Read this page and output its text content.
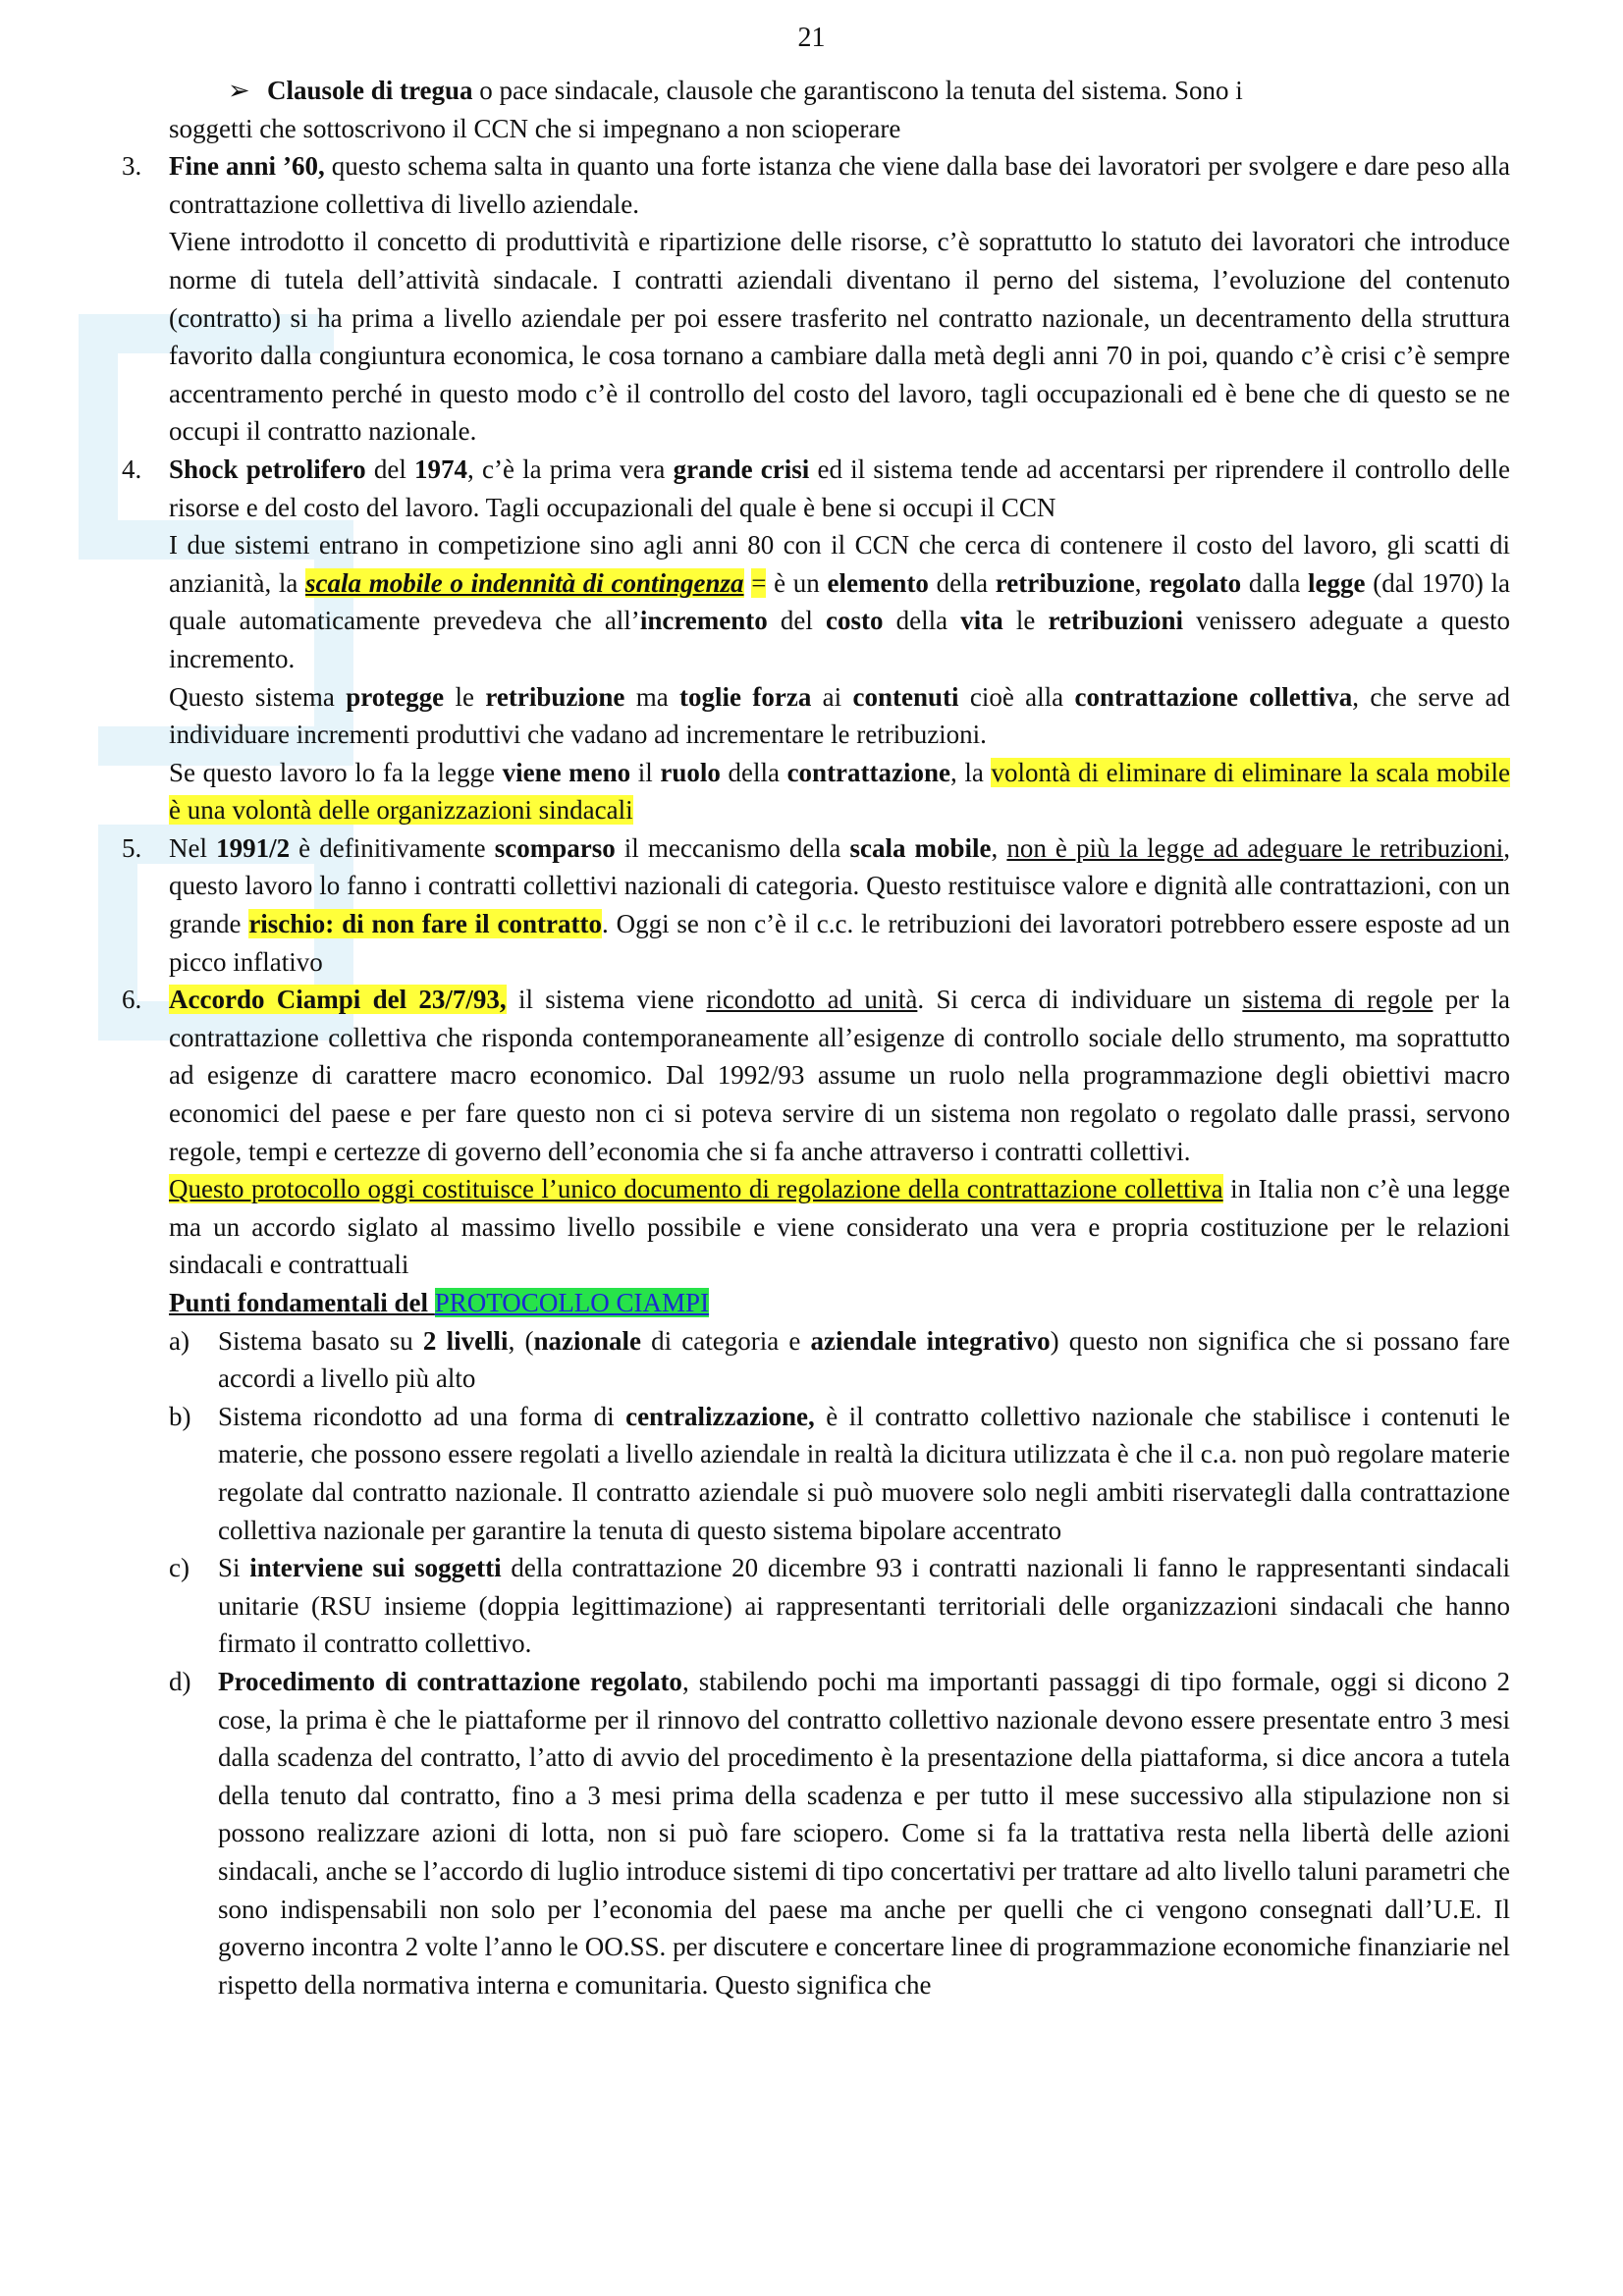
21
➢ Clausole di tregua o pace sindacale, clausole che garantiscono la tenuta del sistema. Sono i

soggetti che sottoscrivono il CCN che si impegnano a non scioperare

3.	Fine anni ’60, questo schema salta in quanto una forte istanza che viene dalla base dei lavoratori per svolgere e dare peso alla contrattazione collettiva di livello aziendale.

Viene introdotto il concetto di produttività e ripartizione delle risorse, c’è soprattutto lo statuto dei lavoratori che introduce norme di tutela dell’attività sindacale. I contratti aziendali diventano il perno del sistema, l’evoluzione del contenuto (contratto) si ha prima a livello aziendale per poi essere trasferito nel contratto nazionale, un decentramento della struttura favorito dalla congiuntura economica, le cosa tornano a cambiare dalla metà degli anni 70 in poi, quando c’è crisi c’è sempre accentramento perché in questo modo c’è il controllo del costo del lavoro, tagli occupazionali ed è bene che di questo se ne occupi il contratto nazionale.

4.	Shock petrolifero del 1974, c’è la prima vera grande crisi ed il sistema tende ad accentarsi per riprendere il controllo delle risorse e del costo del lavoro. Tagli occupazionali del quale è bene si occupi il CCN

I due sistemi entrano in competizione sino agli anni 80 con il CCN che cerca di contenere il costo del lavoro, gli scatti di anzianità, la scala mobile o indennità di contingenza = è un elemento della retribuzione, regolato dalla legge (dal 1970) la quale automaticamente prevedeva che all’incremento del costo della vita le retribuzioni venissero adeguate a questo incremento.

Questo sistema protegge le retribuzione ma toglie forza ai contenuti cioè alla contrattazione collettiva, che serve ad individuare incrementi produttivi che vadano ad incrementare le retribuzioni.

Se questo lavoro lo fa la legge viene meno il ruolo della contrattazione, la volontà di eliminare di eliminare la scala mobile è una volontà delle organizzazioni sindacali

5.	Nel 1991/2 è definitivamente scomparso il meccanismo della scala mobile, non è più la legge ad adeguare le retribuzioni, questo lavoro lo fanno i contratti collettivi nazionali di categoria. Questo restituisce valore e dignità alle contrattazioni, con un grande rischio: di non fare il contratto. Oggi se non c’è il c.c. le retribuzioni dei lavoratori potrebbero essere esposte ad un picco inflativo

6.	Accordo Ciampi del 23/7/93, il sistema viene ricondotto ad unità. Si cerca di individuare un sistema di regole per la contrattazione collettiva che risponda contemporaneamente all’esigenze di controllo sociale dello strumento, ma soprattutto ad esigenze di carattere macro economico. Dal 1992/93 assume un ruolo nella programmazione degli obiettivi macro economici del paese e per fare questo non ci si poteva servire di un sistema non regolato o regolato dalle prassi, servono regole, tempi e certezze di governo dell’economia che si fa anche attraverso i contratti collettivi.

Questo protocollo oggi costituisce l’unico documento di regolazione della contrattazione collettiva in Italia non c’è una legge ma un accordo siglato al massimo livello possibile e viene considerato una vera e propria costituzione per le relazioni sindacali e contrattuali

Punti fondamentali del PROTOCOLLO CIAMPI

a)	Sistema basato su 2 livelli, (nazionale di categoria e aziendale integrativo) questo non significa che si possano fare accordi a livello più alto

b)	Sistema ricondotto ad una forma di centralizzazione, è il contratto collettivo nazionale che stabilisce i contenuti le materie, che possono essere regolati a livello aziendale in realtà la dicitura utilizzata è che il c.a. non può regolare materie regolate dal contratto nazionale. Il contratto aziendale si può muovere solo negli ambiti riservategli dalla contrattazione collettiva nazionale per garantire la tenuta di questo sistema bipolare accentrato

c)	Si interviene sui soggetti della contrattazione 20 dicembre 93 i contratti nazionali li fanno le rappresentanti sindacali unitarie (RSU insieme (doppia legittimazione) ai rappresentanti territoriali delle organizzazioni sindacali che hanno firmato il contratto collettivo.

d)	Procedimento di contrattazione regolato, stabilendo pochi ma importanti passaggi di tipo formale, oggi si dicono 2 cose, la prima è che le piattaforme per il rinnovo del contratto collettivo nazionale devono essere presentate entro 3 mesi dalla scadenza del contratto, l’atto di avvio del procedimento è la presentazione della piattaforma, si dice ancora a tutela della tenuto dal contratto, fino a 3 mesi prima della scadenza e per tutto il mese successivo alla stipulazione non si possono realizzare azioni di lotta, non si può fare sciopero. Come si fa la trattativa resta nella libertà delle azioni sindacali, anche se l’accordo di luglio introduce sistemi di tipo concertativi per trattare ad alto livello taluni parametri che sono indispensabili non solo per l’economia del paese ma anche per quelli che ci vengono consegnati dall’U.E. Il governo incontra 2 volte l’anno le OO.SS. per discutere e concertare linee di programmazione economiche finanziarie nel rispetto della normativa interna e comunitaria. Questo significa che
